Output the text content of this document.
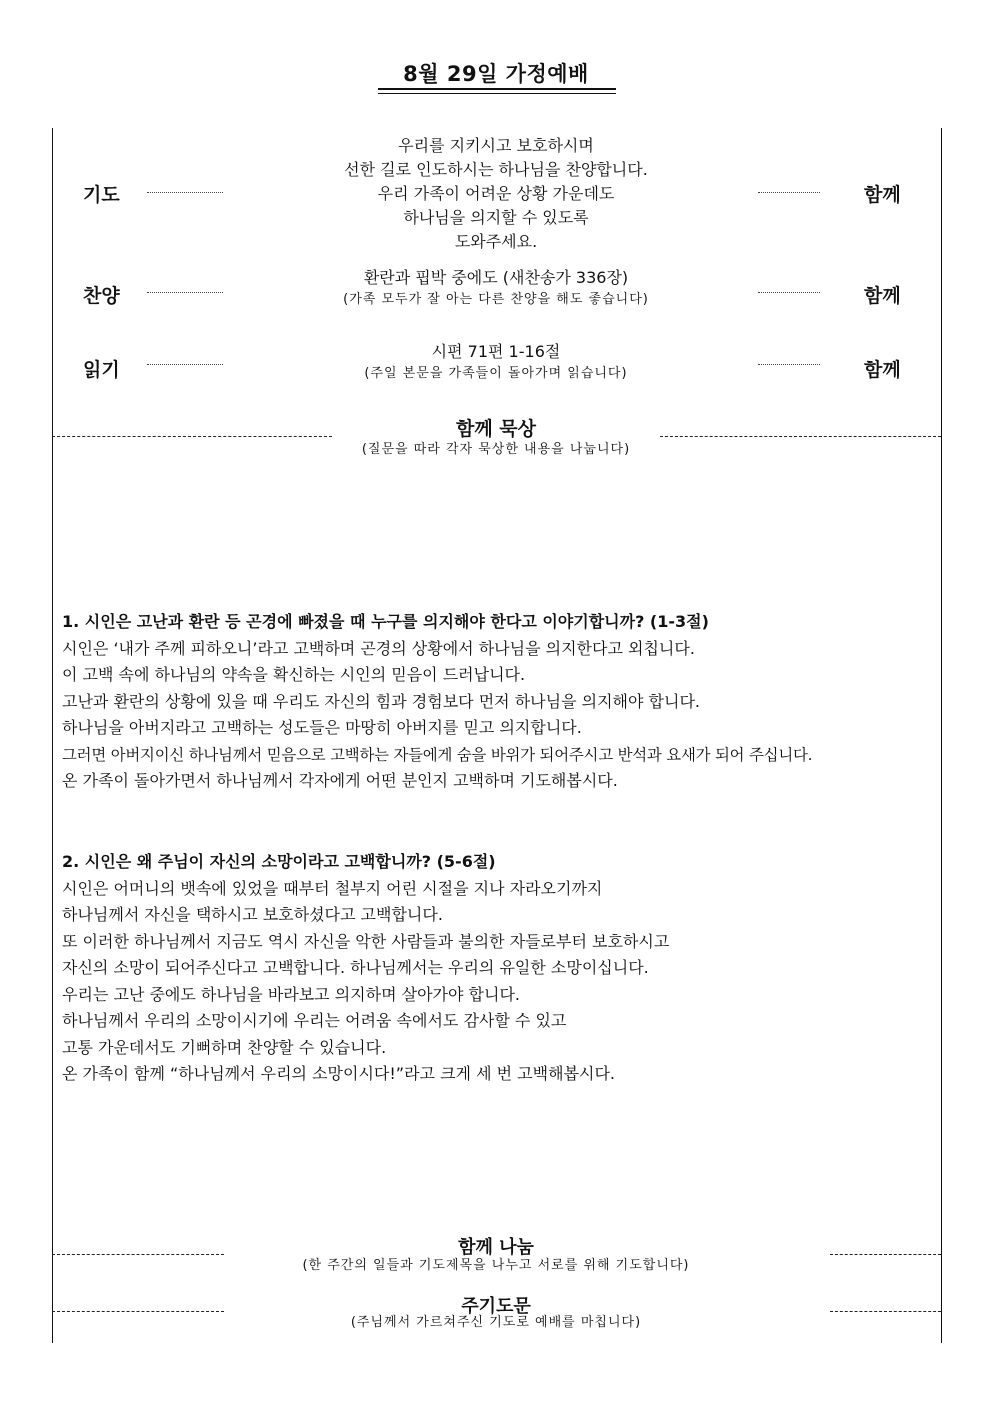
8월 29일 가정예배
기도
우리를 지키시고 보호하시며
선한 길로 인도하시는 하나님을 찬양합니다.
우리 가족이 어려운 상황 가운데도
하나님을 의지할 수 있도록
도와주세요.
함께
찬양
환란과 핍박 중에도 (새찬송가 336장)
(가족 모두가 잘 아는 다른 찬양을 해도 좋습니다)	함께
읽기
시편 71편 1-16절
(주일 본문을 가족들이 돌아가며 읽습니다)	함께
함께 묵상
(질문을 따라 각자 묵상한 내용을 나눕니다)
1. 시인은 고난과 환란 등 곤경에 빠졌을 때 누구를 의지해야 한다고 이야기합니까? (1-3절)
시인은 ‘내가 주께 피하오니’라고 고백하며 곤경의 상황에서 하나님을 의지한다고 외칩니다.
이 고백 속에 하나님의 약속을 확신하는 시인의 믿음이 드러납니다.
고난과 환란의 상황에 있을 때 우리도 자신의 힘과 경험보다 먼저 하나님을 의지해야 합니다.
하나님을 아버지라고 고백하는 성도들은 마땅히 아버지를 믿고 의지합니다.
그러면 아버지이신 하나님께서 믿음으로 고백하는 자들에게 숨을 바위가 되어주시고 반석과 요새가 되어 주십니다.
온 가족이 돌아가면서 하나님께서 각자에게 어떤 분인지 고백하며 기도해봅시다.
2. 시인은 왜 주님이 자신의 소망이라고 고백합니까? (5-6절)
시인은 어머니의 뱃속에 있었을 때부터 철부지 어린 시절을 지나 자라오기까지
하나님께서 자신을 택하시고 보호하셨다고 고백합니다.
또 이러한 하나님께서 지금도 역시 자신을 악한 사람들과 불의한 자들로부터 보호하시고
자신의 소망이 되어주신다고 고백합니다. 하나님께서는 우리의 유일한 소망이십니다.
우리는 고난 중에도 하나님을 바라보고 의지하며 살아가야 합니다.
하나님께서 우리의 소망이시기에 우리는 어려움 속에서도 감사할 수 있고
고통 가운데서도 기뻐하며 찬양할 수 있습니다.
온 가족이 함께 “하나님께서 우리의 소망이시다!”라고 크게 세 번 고백해봅시다.
함께 나눔
(한 주간의 일들과 기도제목을 나누고 서로를 위해 기도합니다)
주기도문
(주님께서 가르쳐주신 기도로 예배를 마칩니다)
